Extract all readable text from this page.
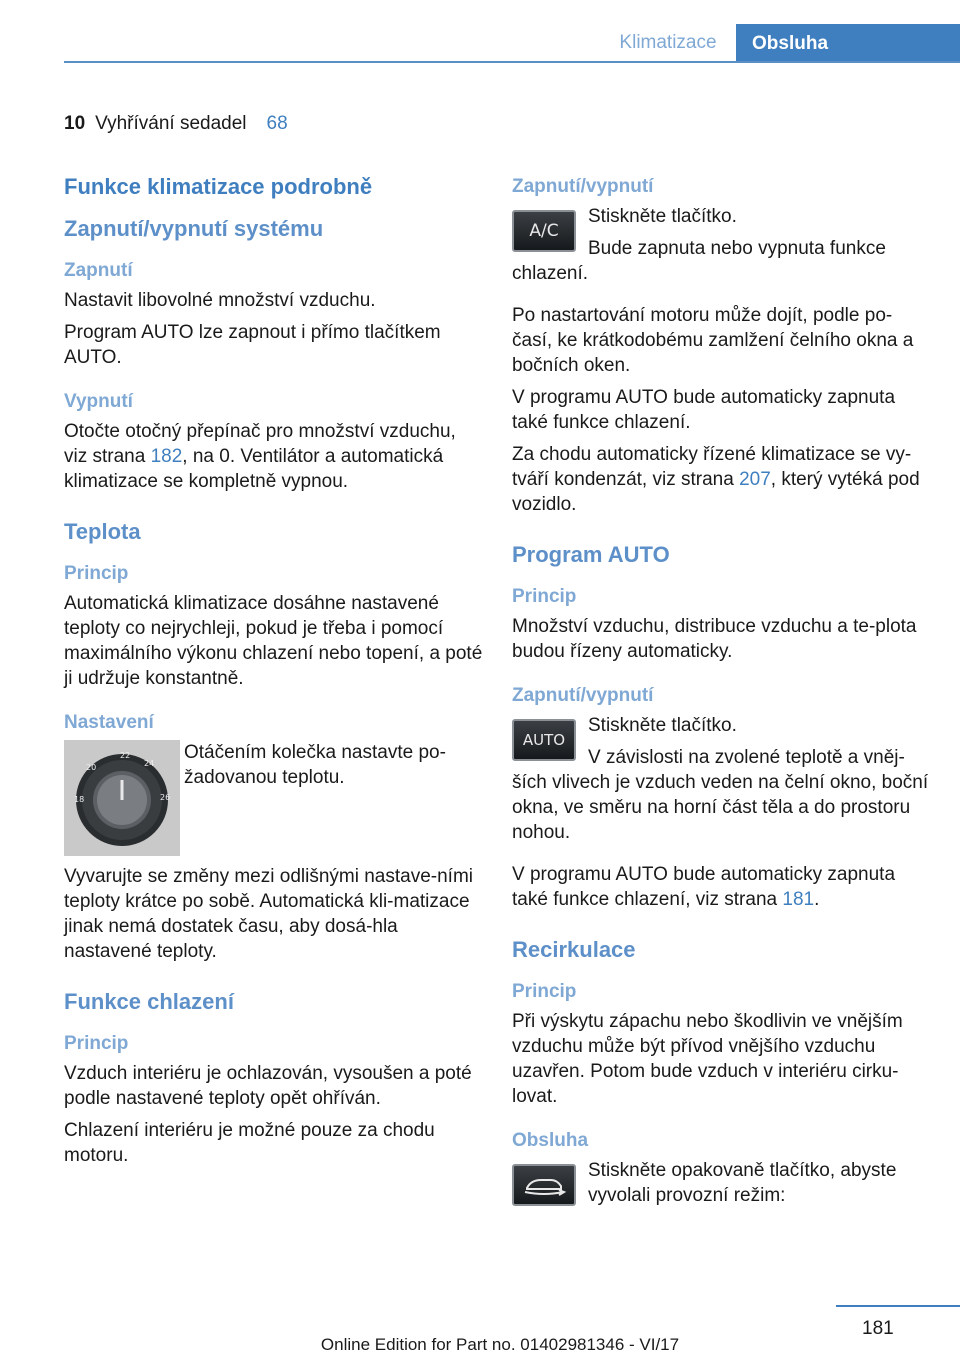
Klimatizace	Obsluha
10 Vyhřívání sedadel 68
Funkce klimatizace podrobně
Zapnutí/vypnutí systému
Zapnutí
Nastavit libovolné množství vzduchu.
Program AUTO lze zapnout i přímo tlačítkem AUTO.
Vypnutí
Otočte otočný přepínač pro množství vzduchu, viz strana 182, na 0. Ventilátor a automatická klimatizace se kompletně vypnou.
Teplota
Princip
Automatická klimatizace dosáhne nastavené teploty co nejrychleji, pokud je třeba i pomocí maximálního výkonu chlazení nebo topení, a poté ji udržuje konstantně.
Nastavení
22
24
20
26
18
Otáčením kolečka nastavte po-žadovanou teplotu.
Vyvarujte se změny mezi odlišnými nastave-ními teploty krátce po sobě. Automatická kli-matizace jinak nemá dostatek času, aby dosá-hla nastavené teploty.
Funkce chlazení
Princip
Vzduch interiéru je ochlazován, vysoušen a poté podle nastavené teploty opět ohříván.
Chlazení interiéru je možné pouze za chodu motoru.
Zapnutí/vypnutí
A/C
Stiskněte tlačítko.
Bude zapnuta nebo vypnuta funkce chlazení.
Po nastartování motoru může dojít, podle po-časí, ke krátkodobému zamlžení čelního okna a bočních oken.
V programu AUTO bude automaticky zapnuta také funkce chlazení.
Za chodu automaticky řízené klimatizace se vy-tváří kondenzát, viz strana 207, který vytéká pod vozidlo.
Program AUTO
Princip
Množství vzduchu, distribuce vzduchu a te-plota budou řízeny automaticky.
Zapnutí/vypnutí
AUTO
Stiskněte tlačítko.
V závislosti na zvolené teplotě a vněj-ších vlivech je vzduch veden na čelní okno, boční okna, ve směru na horní část těla a do prostoru nohou.
V programu AUTO bude automaticky zapnuta také funkce chlazení, viz strana 181.
Recirkulace
Princip
Při výskytu zápachu nebo škodlivin ve vnějším vzduchu může být přívod vnějšího vzduchu uzavřen. Potom bude vzduch v interiéru cirku-lovat.
Obsluha
Stiskněte opakovaně tlačítko, abyste vyvolali provozní režim:
181
Online Edition for Part no. 01402981346 - VI/17
